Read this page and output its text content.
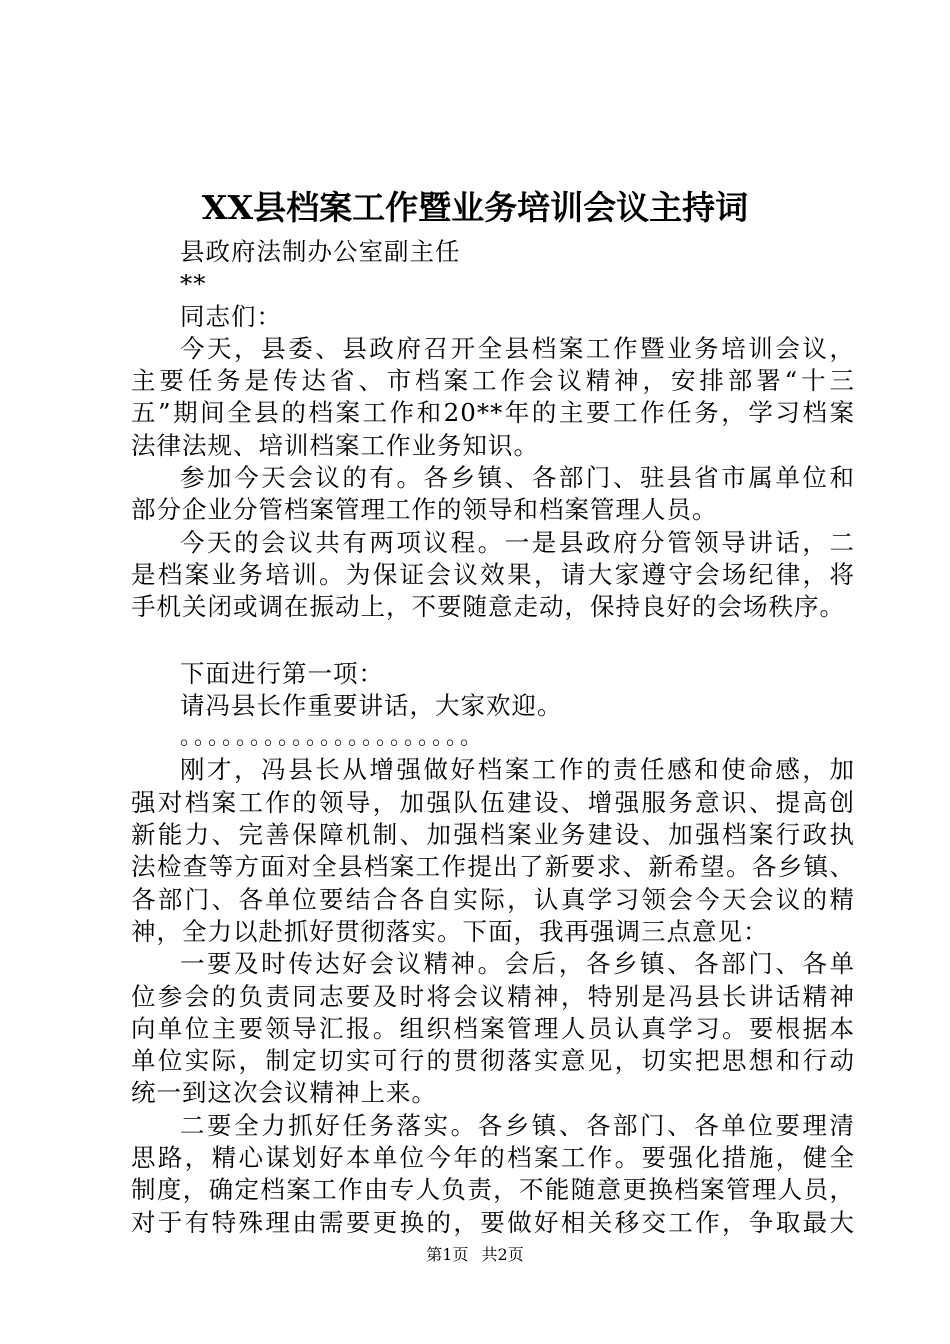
XX县档案工作暨业务培训会议主持词
县政府法制办公室副主任
**
同志们：
今天，县委、县政府召开全县档案工作暨业务培训会议，
主要任务是传达省、市档案工作会议精神，安排部署“十三
五”期间全县的档案工作和20**年的主要工作任务，学习档案
法律法规、培训档案工作业务知识。
参加今天会议的有。各乡镇、各部门、驻县省市属单位和
部分企业分管档案管理工作的领导和档案管理人员。
今天的会议共有两项议程。一是县政府分管领导讲话，二
是档案业务培训。为保证会议效果，请大家遵守会场纪律，将
手机关闭或调在振动上，不要随意走动，保持良好的会场秩序。
下面进行第一项：
请冯县长作重要讲话，大家欢迎。
。。。。。。。。。。。。。。。。。。。。。
刚才，冯县长从增强做好档案工作的责任感和使命感，加
强对档案工作的领导，加强队伍建设、增强服务意识、提高创
新能力、完善保障机制、加强档案业务建设、加强档案行政执
法检查等方面对全县档案工作提出了新要求、新希望。各乡镇、
各部门、各单位要结合各自实际，认真学习领会今天会议的精
神，全力以赴抓好贯彻落实。下面，我再强调三点意见：
一要及时传达好会议精神。会后，各乡镇、各部门、各单
位参会的负责同志要及时将会议精神，特别是冯县长讲话精神
向单位主要领导汇报。组织档案管理人员认真学习。要根据本
单位实际，制定切实可行的贯彻落实意见，切实把思想和行动
统一到这次会议精神上来。
二要全力抓好任务落实。各乡镇、各部门、各单位要理清
思路，精心谋划好本单位今年的档案工作。要强化措施，健全
制度，确定档案工作由专人负责，不能随意更换档案管理人员，
对于有特殊理由需要更换的，要做好相关移交工作，争取最大
第1页 共2页
